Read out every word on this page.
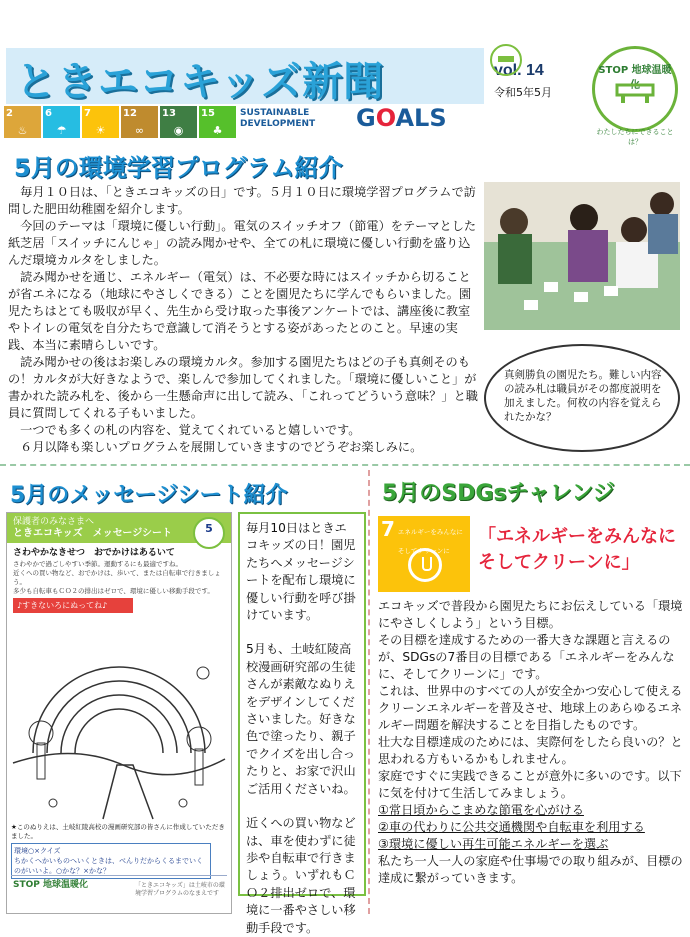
ときエコキッズ新聞
2
♨
6
☂
7
☀
12
∞
13
◉
15
♣
SUSTAINABLE
DEVELOPMENT GOALS
vol. 14
令和5年5月
STOP 地球温暖化
わたしたちにできることは？
5月の環境学習プログラム紹介

　毎月１０日は、「ときエコキッズの日」です。５月１０日に環境学習プログラムで訪問した肥田幼稚園を紹介します。

　今回のテーマは「環境に優しい行動」。電気のスイッチオフ（節電）をテーマとした紙芝居「スイッチにんじゃ」の読み聞かせや、全ての札に環境に優しい行動を盛り込んだ環境カルタをしました。

　読み聞かせを通じ、エネルギー（電気）は、不必要な時にはスイッチから切ることが省エネになる（地球にやさしくできる）ことを園児たちに学んでもらいました。園児たちはとても吸収が早く、先生から受け取った事後アンケートでは、講座後に教室やトイレの電気を自分たちで意識して消そうとする姿があったとのこと。早速の実践、本当に素晴らしいです。

　読み聞かせの後はお楽しみの環境カルタ。参加する園児たちはどの子も真剣そのもの！カルタが大好きなようで、楽しんで参加してくれました。「環境に優しいこと」が書かれた読み札を、後から一生懸命声に出して読み、「これってどういう意味？」と職員に質問してくれる子もいました。

　一つでも多くの札の内容を、覚えてくれていると嬉しいです。

　６月以降も楽しいプログラムを展開していきますのでどうぞお楽しみに。

真剣勝負の園児たち。難しい内容の読み札は職員がその都度説明を加えました。何枚の内容を覚えられたかな？
5月のメッセージシート紹介
保護者のみなさまへ
ときエコキッズ　メッセージシート	5
さわやかなきせつ　おでかけはあるいて
さわやかで過ごしやすい季節。運動するにも最適ですね。
近くへの買い物など、おでかけは、歩いて、または自転車で行きましょう。
多少も自転車もＣＯ２の排出はゼロで、環境に優しい移動手段です。
♪すきないろにぬってね♪
★このぬりえは、土岐紅陵高校の漫画研究部の皆さんに作成していただきました。
環境○×クイズ
ちかくへかいものへいくときは、べんりだからくるまでいくのがいいよ。○かな？×かな？
STOP 地球温暖化	「ときエコキッズ」は土岐市の環境学習プログラムのなまえです

毎月10日はときエコキッズの日！園児たちへメッセージシートを配布し環境に優しい行動を呼び掛けています。

5月も、土岐紅陵高校漫画研究部の生徒さんが素敵なぬりえをデザインしてくださいました。好きな色で塗ったり、親子でクイズを出し合ったりと、お家で沢山ご活用くださいね。

近くへの買い物などは、車を使わずに徒歩や自転車で行きましょう。いずれもＣＯ２排出ゼロで、環境に一番やさしい移動手段です。

5月のSDGsチャレンジ
7 エネルギーをみんなに そしてクリーンに
「エネルギーをみんなに
そしてクリーンに」

エコキッズで普段から園児たちにお伝えしている「環境にやさしくしよう」という目標。

その目標を達成するための一番大きな課題と言えるのが、SDGsの7番目の目標である「エネルギーをみんなに、そしてクリーンに」です。

これは、世界中のすべての人が安全かつ安心して使えるクリーンエネルギーを普及させ、地球上のあらゆるエネルギー問題を解決することを目指したものです。

壮大な目標達成のためには、実際何をしたら良いの？と思われる方もいるかもしれません。

家庭ですぐに実践できることが意外に多いのです。以下に気を付けて生活してみましょう。

①常日頃からこまめな節電を心がける

②車の代わりに公共交通機関や自転車を利用する

③環境に優しい再生可能エネルギーを選ぶ

私たち一人一人の家庭や仕事場での取り組みが、目標の達成に繋がっていきます。
